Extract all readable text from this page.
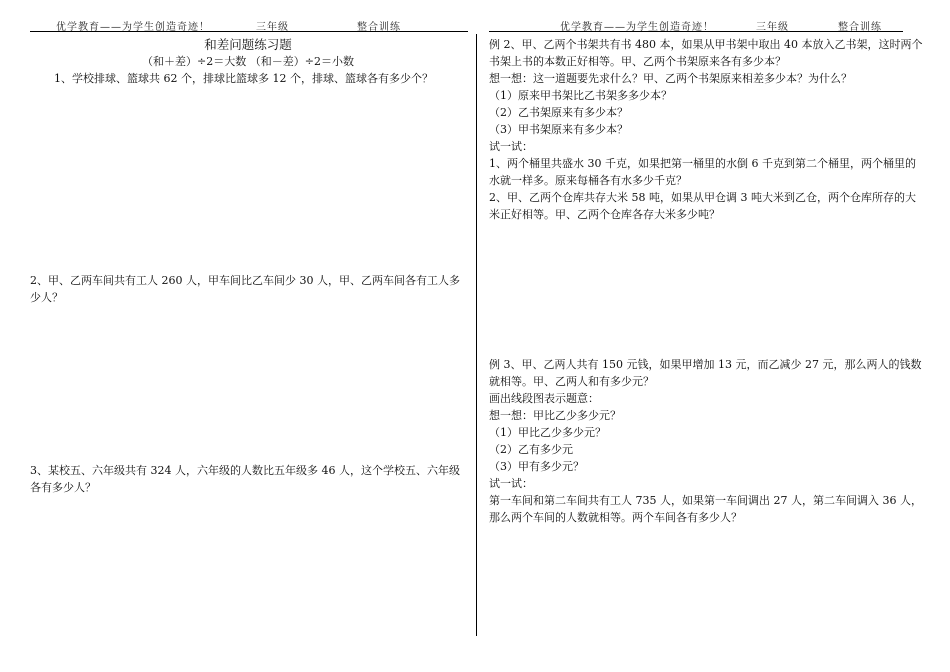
优学教育——为学生创造奇迹！	三年级	整合训练	优学教育——为学生创造奇迹！	三年级	整合训练

和差问题练习题

（和＋差）÷2＝大数 （和－差）÷2＝小数

1、学校排球、篮球共 62 个，排球比篮球多 12 个，排球、篮球各有多少个？

2、甲、乙两车间共有工人 260 人，甲车间比乙车间少 30 人，甲、乙两车间各有工人多少人？

3、某校五、六年级共有 324 人，六年级的人数比五年级多 46 人，这个学校五、六年级各有多少人？

例 2、甲、乙两个书架共有书 480 本，如果从甲书架中取出 40 本放入乙书架，这时两个书架上书的本数正好相等。甲、乙两个书架原来各有多少本？

想一想：这一道题要先求什么？甲、乙两个书架原来相差多少本？为什么？

（1）原来甲书架比乙书架多多少本？

（2）乙书架原来有多少本？

（3）甲书架原来有多少本？

试一试：

1、两个桶里共盛水 30 千克，如果把第一桶里的水倒 6 千克到第二个桶里，两个桶里的水就一样多。原来每桶各有水多少千克？

2、甲、乙两个仓库共存大米 58 吨，如果从甲仓调 3 吨大米到乙仓，两个仓库所存的大米正好相等。甲、乙两个仓库各存大米多少吨？

例 3、甲、乙两人共有 150 元钱，如果甲增加 13 元，而乙减少 27 元，那么两人的钱数就相等。甲、乙两人和有多少元？

画出线段图表示题意：

想一想：甲比乙少多少元？

（1）甲比乙少多少元？

（2）乙有多少元

（3）甲有多少元？

试一试：

第一车间和第二车间共有工人 735 人，如果第一车间调出 27 人，第二车间调入 36 人，那么两个车间的人数就相等。两个车间各有多少人？
